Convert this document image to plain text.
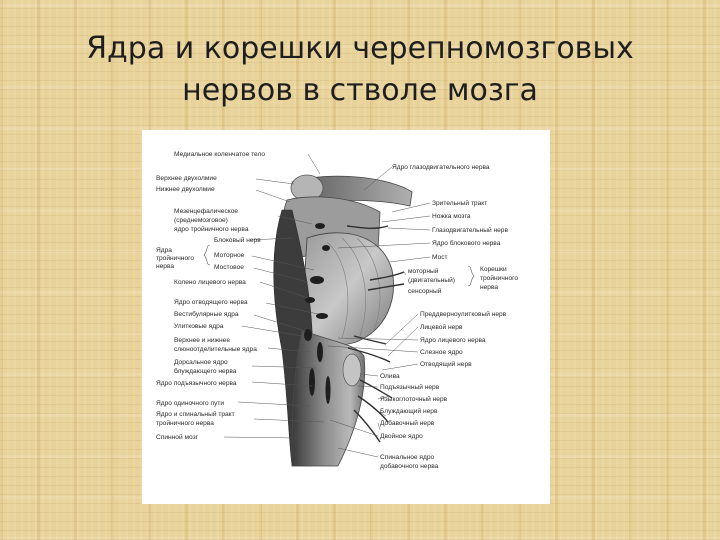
Ядра и корешки черепномозговых
нервов в стволе мозга
Медиальное коленчатое тело
Верхнее двухолмие
Нижнее двухолмие
Мезенцефалическое
(среднемозговое)
ядро тройничного нерва
Блоковый нерв
Ядра
тройничного
нерва
Моторное
Мостовое
Колено лицевого нерва
Ядро отводящего нерва
Вестибулярные ядра
Улитковые ядра
Верхнее и нижнее
слюноотделительные ядра
Дорсальное ядро
блуждающего нерва
Ядро подъязычного нерва
Ядро одиночного пути
Ядро и спинальный тракт
тройничного нерва
Спинной мозг
Ядро глазодвигательного нерва
Зрительный тракт
Ножка мозга
Глазодвигательный нерв
Ядро блокового нерва
Мост
моторный
(двигательный)
сенсорный
Корешки
тройничного
нерва
Преддверноулитковый нерв
Лицевой нерв
Ядро лицевого нерва
Слезное ядро
Отводящий нерв
Олива
Подъязычный нерв
Языкоглоточный нерв
Блуждающий нерв
Добавочный нерв
Двойное ядро
Спинальное ядро
добавочного нерва
